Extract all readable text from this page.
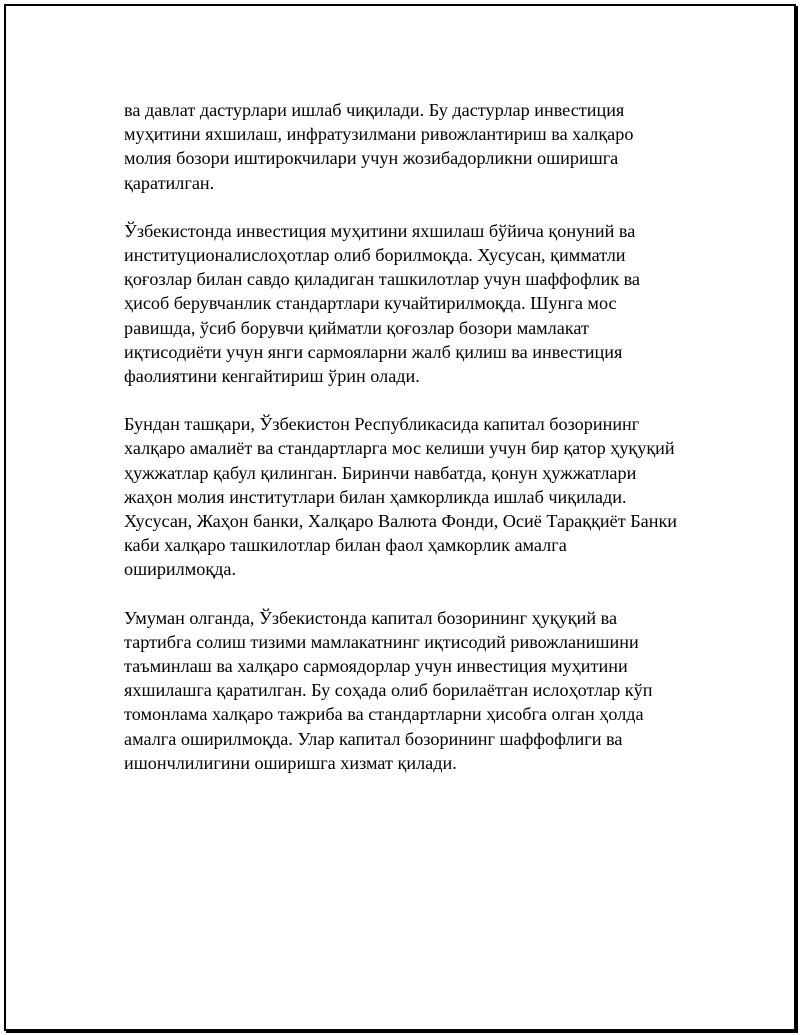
ва давлат дастурлари ишлаб чиқилади. Бу дастурлар инвестиция
муҳитини яхшилаш, инфратузилмани ривожлантириш ва халқаро
молия бозори иштирокчилари учун жозибадорликни оширишга
қаратилган.

Ўзбекистонда инвестиция муҳитини яхшилаш бўйича қонуний ва
институционалислоҳотлар олиб борилмоқда. Хусусан, қимматли
қоғозлар билан савдо қиладиган ташкилотлар учун шаффофлик ва
ҳисоб берувчанлик стандартлари кучайтирилмоқда. Шунга мос
равишда, ўсиб борувчи қийматли қоғозлар бозори мамлакат
иқтисодиёти учун янги сармояларни жалб қилиш ва инвестиция
фаолиятини кенгайтириш ўрин олади.

Бундан ташқари, Ўзбекистон Республикасида капитал бозорининг
халқаро амалиёт ва стандартларга мос келиши учун бир қатор ҳуқуқий
ҳужжатлар қабул қилинган. Биринчи навбатда, қонун ҳужжатлари
жаҳон молия институтлари билан ҳамкорликда ишлаб чиқилади.
Хусусан, Жаҳон банки, Халқаро Валюта Фонди, Осиё Тараққиёт Банки
каби халқаро ташкилотлар билан фаол ҳамкорлик амалга
оширилмоқда.

Умуман олганда, Ўзбекистонда капитал бозорининг ҳуқуқий ва
тартибга солиш тизими мамлакатнинг иқтисодий ривожланишини
таъминлаш ва халқаро сармоядорлар учун инвестиция муҳитини
яхшилашга қаратилган. Бу соҳада олиб борилаётган ислоҳотлар кўп
томонлама халқаро тажриба ва стандартларни ҳисобга олган ҳолда
амалга оширилмоқда. Улар капитал бозорининг шаффофлиги ва
ишончлилигини оширишга хизмат қилади.
